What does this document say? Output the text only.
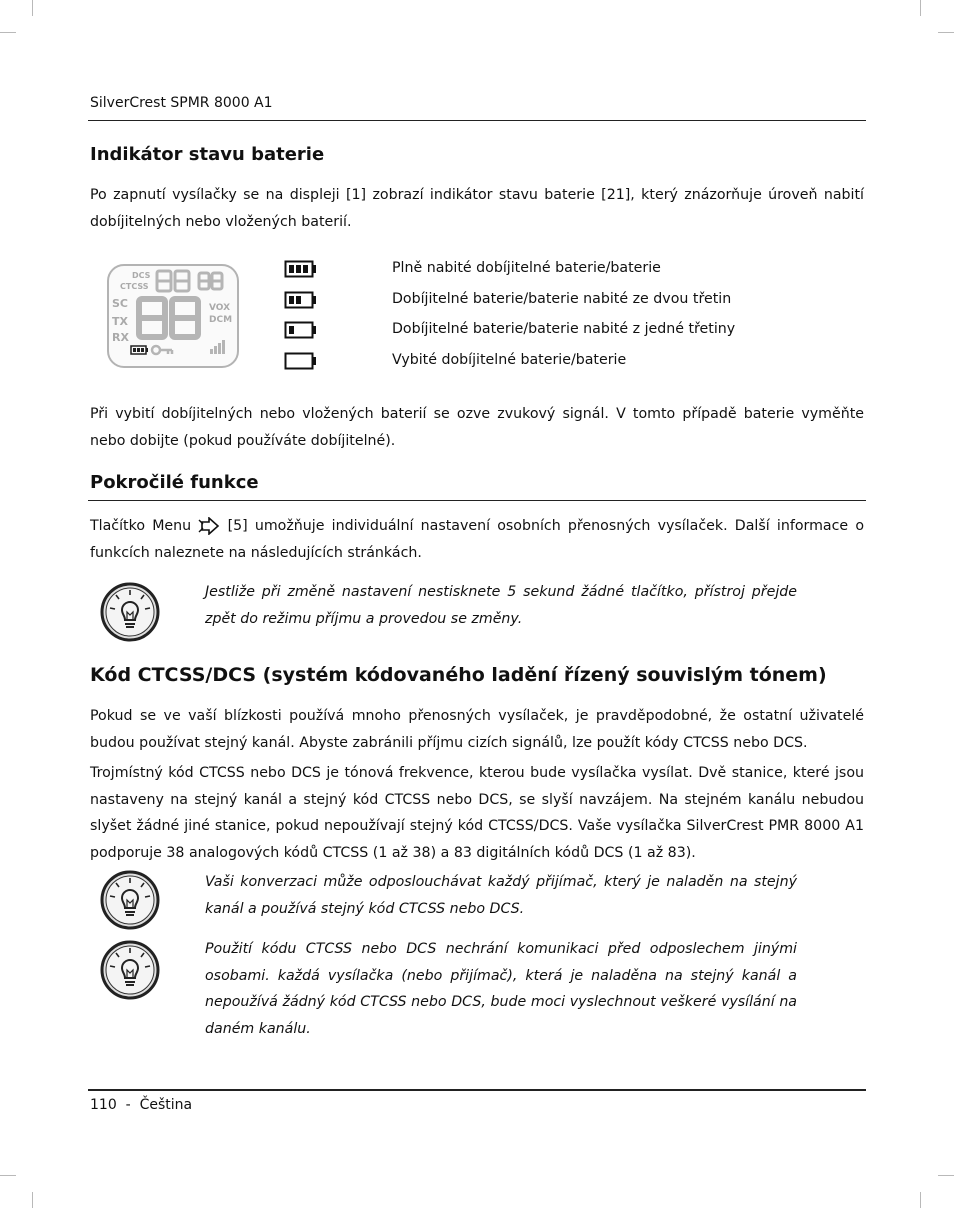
SilverCrest SPMR 8000 A1
Indikátor stavu baterie
Po zapnutí vysílačky se na displeji [1] zobrazí indikátor stavu baterie [21], který znázorňuje úroveň nabití dobíjitelných nebo vložených baterií.
DCS
CTCSS
SC
TX
RX
VOX
DCM
Plně nabité dobíjitelné baterie/baterie
Dobíjitelné baterie/baterie nabité ze dvou třetin
Dobíjitelné baterie/baterie nabité z jedné třetiny
Vybité dobíjitelné baterie/baterie
Při vybití dobíjitelných nebo vložených baterií se ozve zvukový signál. V tomto případě baterie vyměňte nebo dobijte (pokud používáte dobíjitelné).
Pokročilé funkce
Tlačítko Menu	[5] umožňuje individuální nastavení osobních přenosných vysílaček. Další informace o funkcích naleznete na následujících stránkách.
Jestliže při změně nastavení nestisknete 5 sekund žádné tlačítko, přístroj přejde zpět do režimu příjmu a provedou se změny.
Kód CTCSS/DCS (systém kódovaného ladění řízený souvislým tónem)
Pokud se ve vaší blízkosti používá mnoho přenosných vysílaček, je pravděpodobné, že ostatní uživatelé budou používat stejný kanál. Abyste zabránili příjmu cizích signálů, lze použít kódy CTCSS nebo DCS.
Trojmístný kód CTCSS nebo DCS je tónová frekvence, kterou bude vysílačka vysílat. Dvě stanice, které jsou nastaveny na stejný kanál a stejný kód CTCSS nebo DCS, se slyší navzájem. Na stejném kanálu nebudou slyšet žádné jiné stanice, pokud nepoužívají stejný kód CTCSS/DCS. Vaše vysílačka SilverCrest PMR 8000 A1 podporuje 38 analogových kódů CTCSS (1 až 38) a 83 digitálních kódů DCS (1 až 83).
Vaši konverzaci může odposlouchávat každý přijímač, který je naladěn na stejný kanál a používá stejný kód CTCSS nebo DCS.
Použití kódu CTCSS nebo DCS nechrání komunikaci před odposlechem jinými osobami. každá vysílačka (nebo přijímač), která je naladěna na stejný kanál a nepoužívá žádný kód CTCSS nebo DCS, bude moci vyslechnout veškeré vysílání na daném kanálu.
110  -  Čeština
